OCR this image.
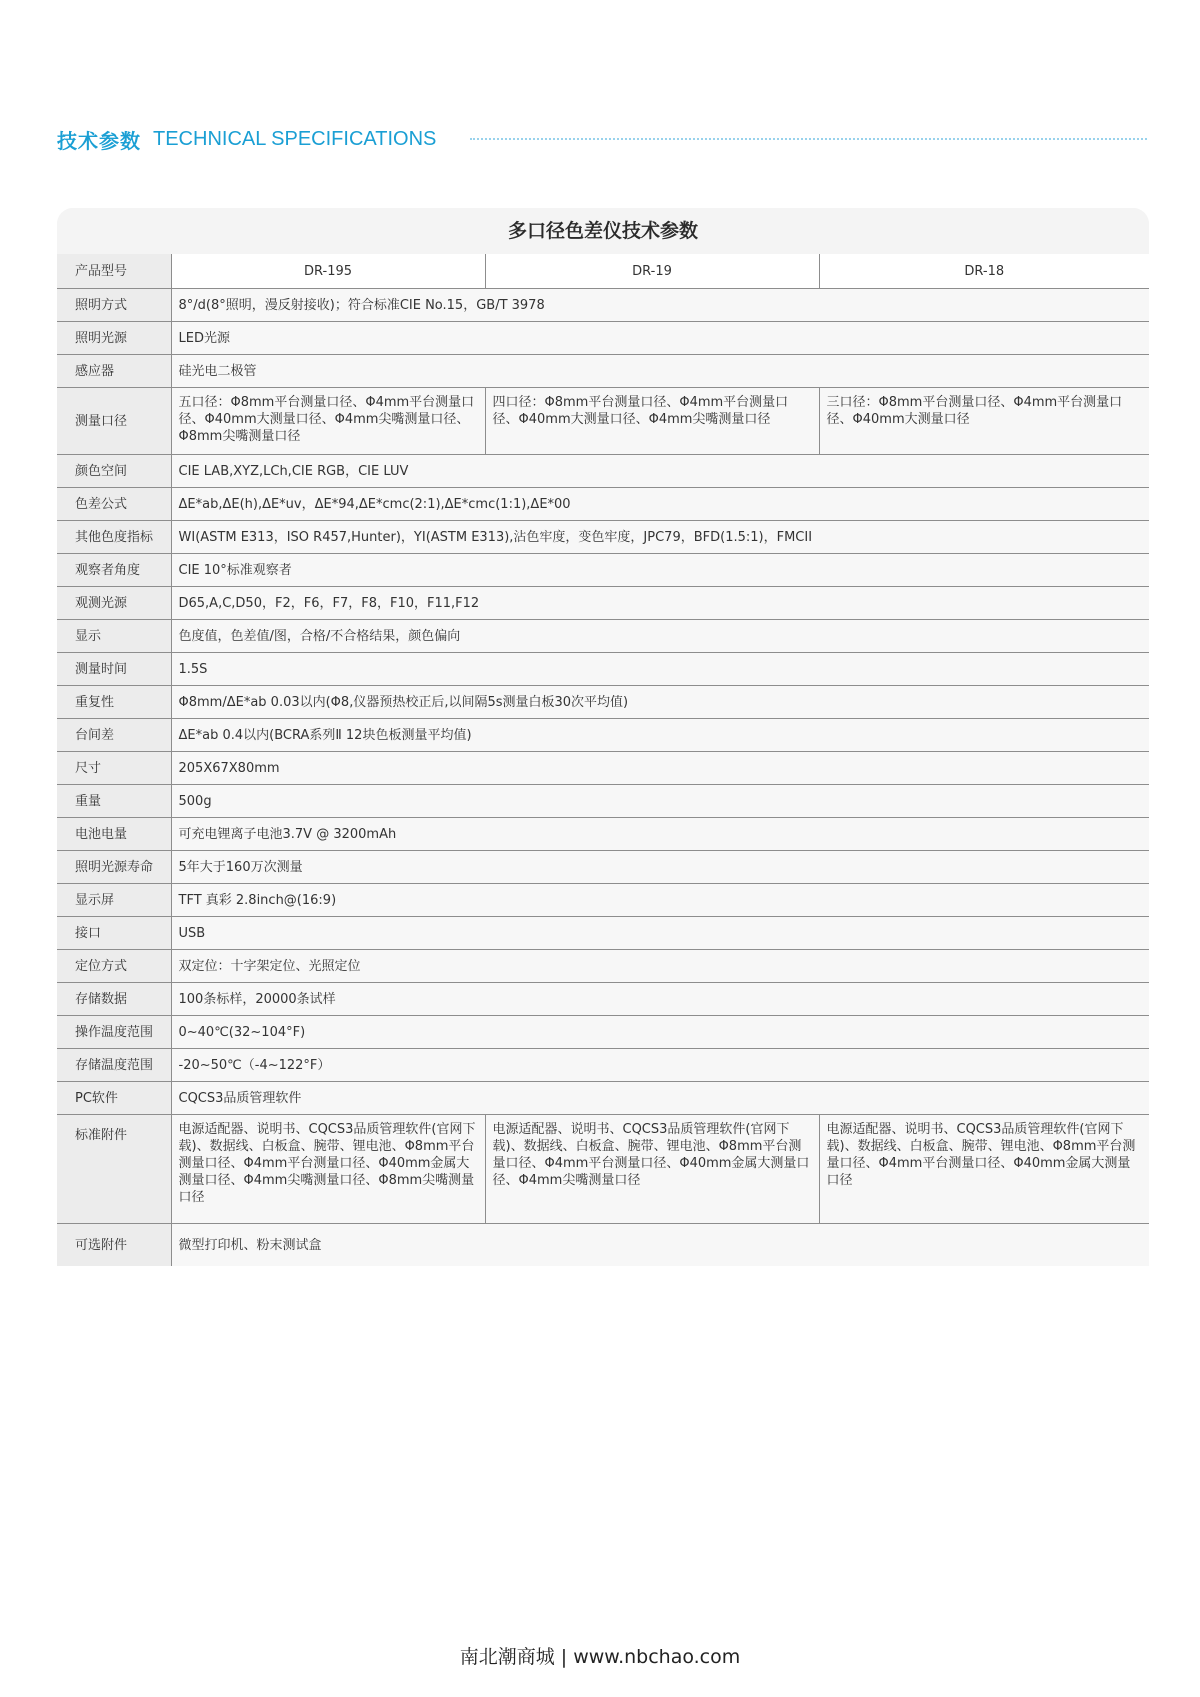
技术参数 TECHNICAL SPECIFICATIONS
多口径色差仪技术参数
产品型号	DR-195	DR-19	DR-18
照明方式	8°/d(8°照明，漫反射接收)；符合标准CIE No.15，GB/T 3978		
照明光源	LED光源		
感应器	硅光电二极管		
测量口径	五口径：Φ8mm平台测量口径、Φ4mm平台测量口径、Φ40mm大测量口径、Φ4mm尖嘴测量口径、Φ8mm尖嘴测量口径	四口径：Φ8mm平台测量口径、Φ4mm平台测量口径、Φ40mm大测量口径、Φ4mm尖嘴测量口径	三口径：Φ8mm平台测量口径、Φ4mm平台测量口径、Φ40mm大测量口径
颜色空间	CIE LAB,XYZ,LCh,CIE RGB，CIE LUV		
色差公式	ΔE*ab,ΔE(h),ΔE*uv，ΔE*94,ΔE*cmc(2:1),ΔE*cmc(1:1),ΔE*00		
其他色度指标	WI(ASTM E313，ISO R457,Hunter)，YI(ASTM E313),沾色牢度，变色牢度，JPC79，BFD(1.5:1)，FMCII		
观察者角度	CIE 10°标准观察者		
观测光源	D65,A,C,D50，F2，F6，F7，F8，F10，F11,F12		
显示	色度值，色差值/图，合格/不合格结果，颜色偏向		
测量时间	1.5S		
重复性	Φ8mm/ΔE*ab 0.03以内(Φ8,仪器预热校正后,以间隔5s测量白板30次平均值)		
台间差	ΔE*ab 0.4以内(BCRA系列Ⅱ 12块色板测量平均值)		
尺寸	205X67X80mm		
重量	500g		
电池电量	可充电锂离子电池3.7V @ 3200mAh		
照明光源寿命	5年大于160万次测量		
显示屏	TFT 真彩 2.8inch@(16:9)		
接口	USB		
定位方式	双定位：十字架定位、光照定位		
存储数据	100条标样，20000条试样		
操作温度范围	0~40℃(32~104°F)		
存储温度范围	-20~50℃（-4~122°F）		
PC软件	CQCS3品质管理软件		
标准附件	电源适配器、说明书、CQCS3品质管理软件(官网下载)、数据线、白板盒、腕带、锂电池、Φ8mm平台测量口径、Φ4mm平台测量口径、Φ40mm金属大测量口径、Φ4mm尖嘴测量口径、Φ8mm尖嘴测量口径	电源适配器、说明书、CQCS3品质管理软件(官网下载)、数据线、白板盒、腕带、锂电池、Φ8mm平台测量口径、Φ4mm平台测量口径、Φ40mm金属大测量口径、Φ4mm尖嘴测量口径	电源适配器、说明书、CQCS3品质管理软件(官网下载)、数据线、白板盒、腕带、锂电池、Φ8mm平台测量口径、Φ4mm平台测量口径、Φ40mm金属大测量口径
可选附件	微型打印机、粉末测试盒		
南北潮商城 | www.nbchao.com
